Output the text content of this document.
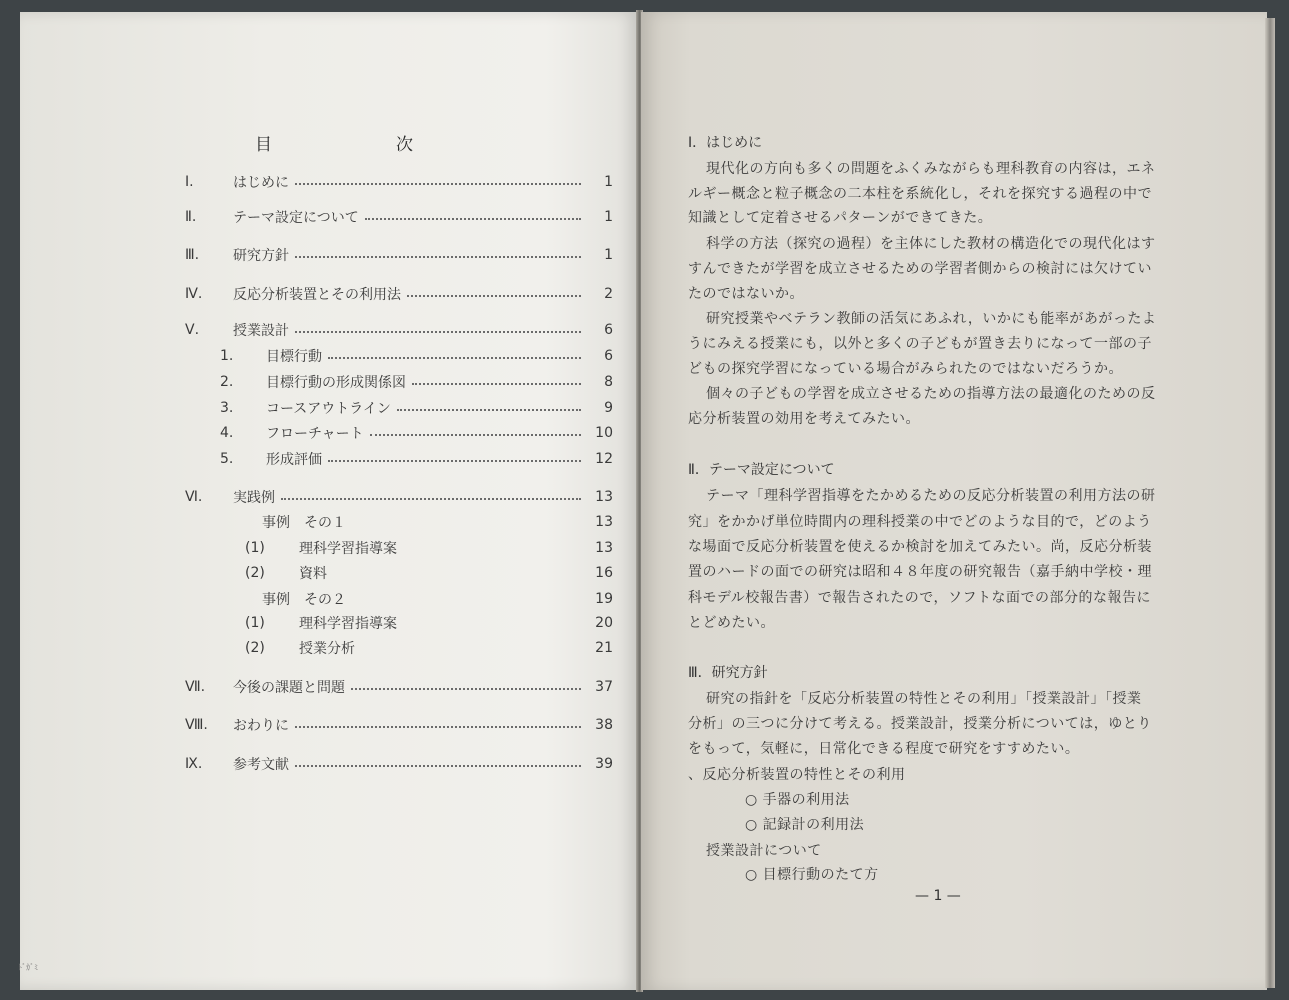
目	次
Ⅰ.	はじめに	1
Ⅱ.	テーマ設定について	1
Ⅲ.	研究方針	1
Ⅳ.	反応分析装置とその利用法	2
Ⅴ.	授業設計	6
1.	目標行動	6
2.	目標行動の形成関係図	8
3.	コースアウトライン	9
4.	フローチャート	10
5.	形成評価	12
Ⅵ.	実践例	13
事例　その１	13
(1)	理科学習指導案	13
(2)	資料	16
事例　その２	19
(1)	理科学習指導案	20
(2)	授業分析	21
Ⅶ.	今後の課題と問題	37
Ⅷ.	おわりに	38
Ⅸ.	参考文献	39
Ⅰ．はじめに
現代化の方向も多くの問題をふくみながらも理科教育の内容は，エネ
ルギー概念と粒子概念の二本柱を系統化し，それを探究する過程の中で
知識として定着させるパターンができてきた。
科学の方法（探究の過程）を主体にした教材の構造化での現代化はす
すんできたが学習を成立させるための学習者側からの検討には欠けてい
たのではないか。
研究授業やベテラン教師の活気にあふれ，いかにも能率があがったよ
うにみえる授業にも，以外と多くの子どもが置き去りになって一部の子
どもの探究学習になっている場合がみられたのではないだろうか。
個々の子どもの学習を成立させるための指導方法の最適化のための反
応分析装置の効用を考えてみたい。
Ⅱ．テーマ設定について
テーマ「理科学習指導をたかめるための反応分析装置の利用方法の研
究」をかかげ単位時間内の理科授業の中でどのような目的で，どのよう
な場面で反応分析装置を使えるか検討を加えてみたい。尚，反応分析装
置のハードの面での研究は昭和４８年度の研究報告（嘉手納中学校・理
科モデル校報告書）で報告されたので，ソフトな面での部分的な報告に
とどめたい。
Ⅲ．研究方針
研究の指針を「反応分析装置の特性とその利用」「授業設計」「授業
分析」の三つに分けて考える。授業設計，授業分析については，ゆとり
をもって，気軽に，日常化できる程度で研究をすすめたい。
、反応分析装置の特性とその利用
○ 手器の利用法
○ 記録計の利用法
授業設計について
○ 目標行動のたて方
— 1 —
ﾄﾞｶﾞﾐ
